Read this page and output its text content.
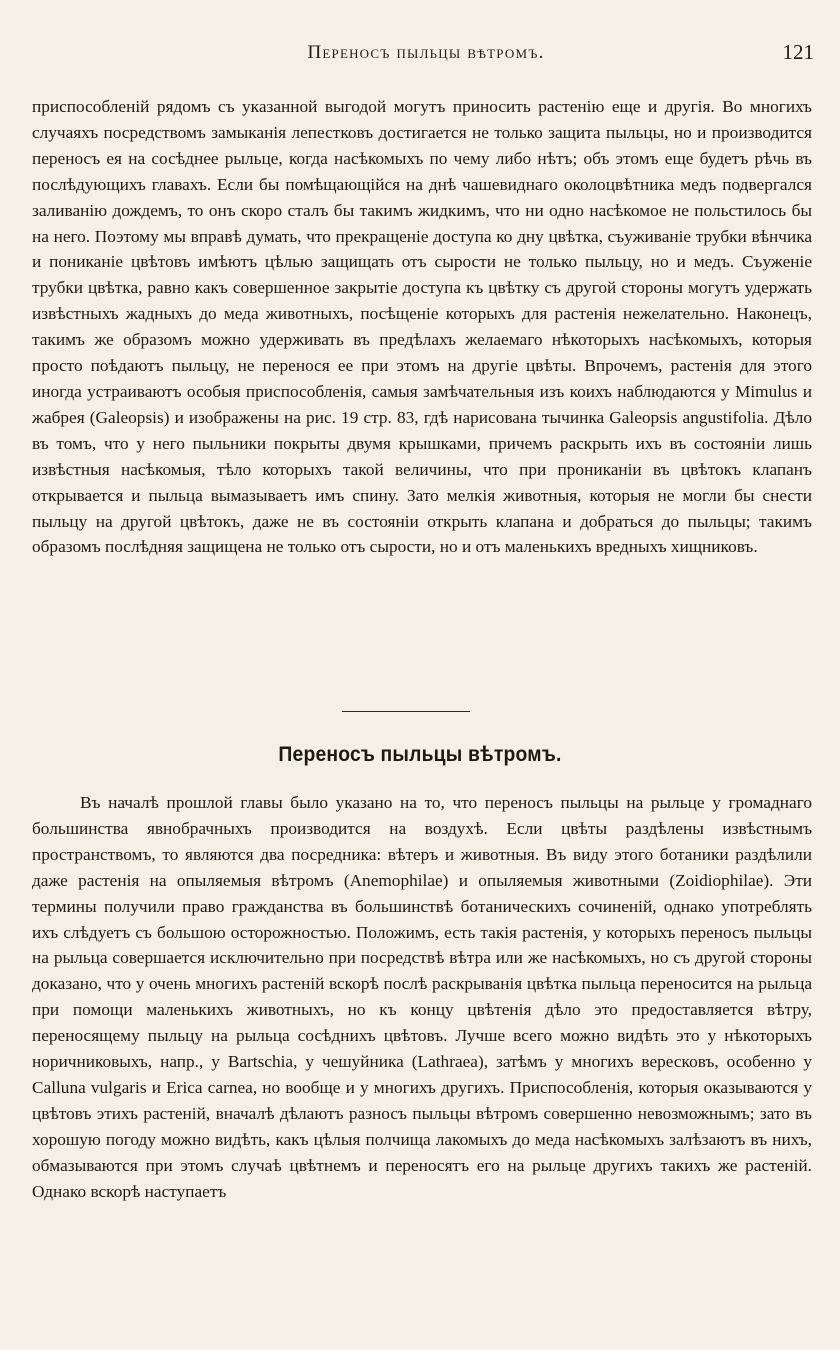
Переносъ пыльцы вѣтромъ.	121

приспособленій рядомъ съ указанной выгодой могутъ приносить растенію еще и другія. Во многихъ случаяхъ посредствомъ замыканія лепестковъ достигается не только защита пыльцы, но и производится переносъ ея на сосѣднее рыльце, когда насѣкомыхъ по чему либо нѣтъ; объ этомъ еще будетъ рѣчь въ послѣдующихъ главахъ. Если бы помѣщающійся на днѣ чашевиднаго околоцвѣтника медъ подвергался заливанію дождемъ, то онъ скоро сталъ бы такимъ жидкимъ, что ни одно насѣкомое не польстилось бы на него. Поэтому мы вправѣ думать, что прекращеніе доступа ко дну цвѣтка, съуживаніе трубки вѣнчика и пониканіе цвѣтовъ имѣютъ цѣлью защищать отъ сырости не только пыльцу, но и медъ. Съуженіе трубки цвѣтка, равно какъ совершенное закрытіе доступа къ цвѣтку съ другой стороны могутъ удержать извѣстныхъ жадныхъ до меда животныхъ, посѣщеніе которыхъ для растенія нежелательно. Наконецъ, такимъ же образомъ можно удерживать въ предѣлахъ желаемаго нѣкоторыхъ насѣкомыхъ, которыя просто поѣдаютъ пыльцу, не перенося ее при этомъ на другіе цвѣты. Впрочемъ, растенія для этого иногда устраиваютъ особыя приспособленія, самыя замѣчательныя изъ коихъ наблюдаются у Mimulus и жабрея (Galeopsis) и изображены на рис. 19 стр. 83, гдѣ нарисована тычинка Galeopsis angustifolia. Дѣло въ томъ, что у него пыльники покрыты двумя крышками, причемъ раскрыть ихъ въ состояніи лишь извѣстныя насѣкомыя, тѣло которыхъ такой величины, что при прониканіи въ цвѣтокъ клапанъ открывается и пыльца вымазываетъ имъ спину. Зато мелкія животныя, которыя не могли бы снести пыльцу на другой цвѣтокъ, даже не въ состояніи открыть клапана и добраться до пыльцы; такимъ образомъ послѣдняя защищена не только отъ сырости, но и отъ маленькихъ вредныхъ хищниковъ.

Переносъ пыльцы вѣтромъ.

Въ началѣ прошлой главы было указано на то, что переносъ пыльцы на рыльце у громаднаго большинства явнобрачныхъ производится на воздухѣ. Если цвѣты раздѣлены извѣстнымъ пространствомъ, то являются два посредника: вѣтеръ и животныя. Въ виду этого ботаники раздѣлили даже растенія на опыляемыя вѣтромъ (Anemophilae) и опыляемыя животными (Zoidiophilae). Эти термины получили право гражданства въ большинствѣ ботаническихъ сочиненій, однако употреблять ихъ слѣдуетъ съ большою осторожностью. Положимъ, есть такія растенія, у которыхъ переносъ пыльцы на рыльца совершается исключительно при посредствѣ вѣтра или же насѣкомыхъ, но съ другой стороны доказано, что у очень многихъ растеній вскорѣ послѣ раскрыванія цвѣтка пыльца переносится на рыльца при помощи маленькихъ животныхъ, но къ концу цвѣтенія дѣло это предоставляется вѣтру, переносящему пыльцу на рыльца сосѣднихъ цвѣтовъ. Лучше всего можно видѣть это у нѣкоторыхъ норичниковыхъ, напр., у Bartschia, у чешуйника (Lathraea), затѣмъ у многихъ вересковъ, особенно у Calluna vulgaris и Erica carnea, но вообще и у многихъ другихъ. Приспособленія, которыя оказываются у цвѣтовъ этихъ растеній, вначалѣ дѣлаютъ разносъ пыльцы вѣтромъ совершенно невозможнымъ; зато въ хорошую погоду можно видѣть, какъ цѣлыя полчища лакомыхъ до меда насѣкомыхъ залѣзаютъ въ нихъ, обмазываются при этомъ случаѣ цвѣтнемъ и переносятъ его на рыльце другихъ такихъ же растеній. Однако вскорѣ наступаетъ
